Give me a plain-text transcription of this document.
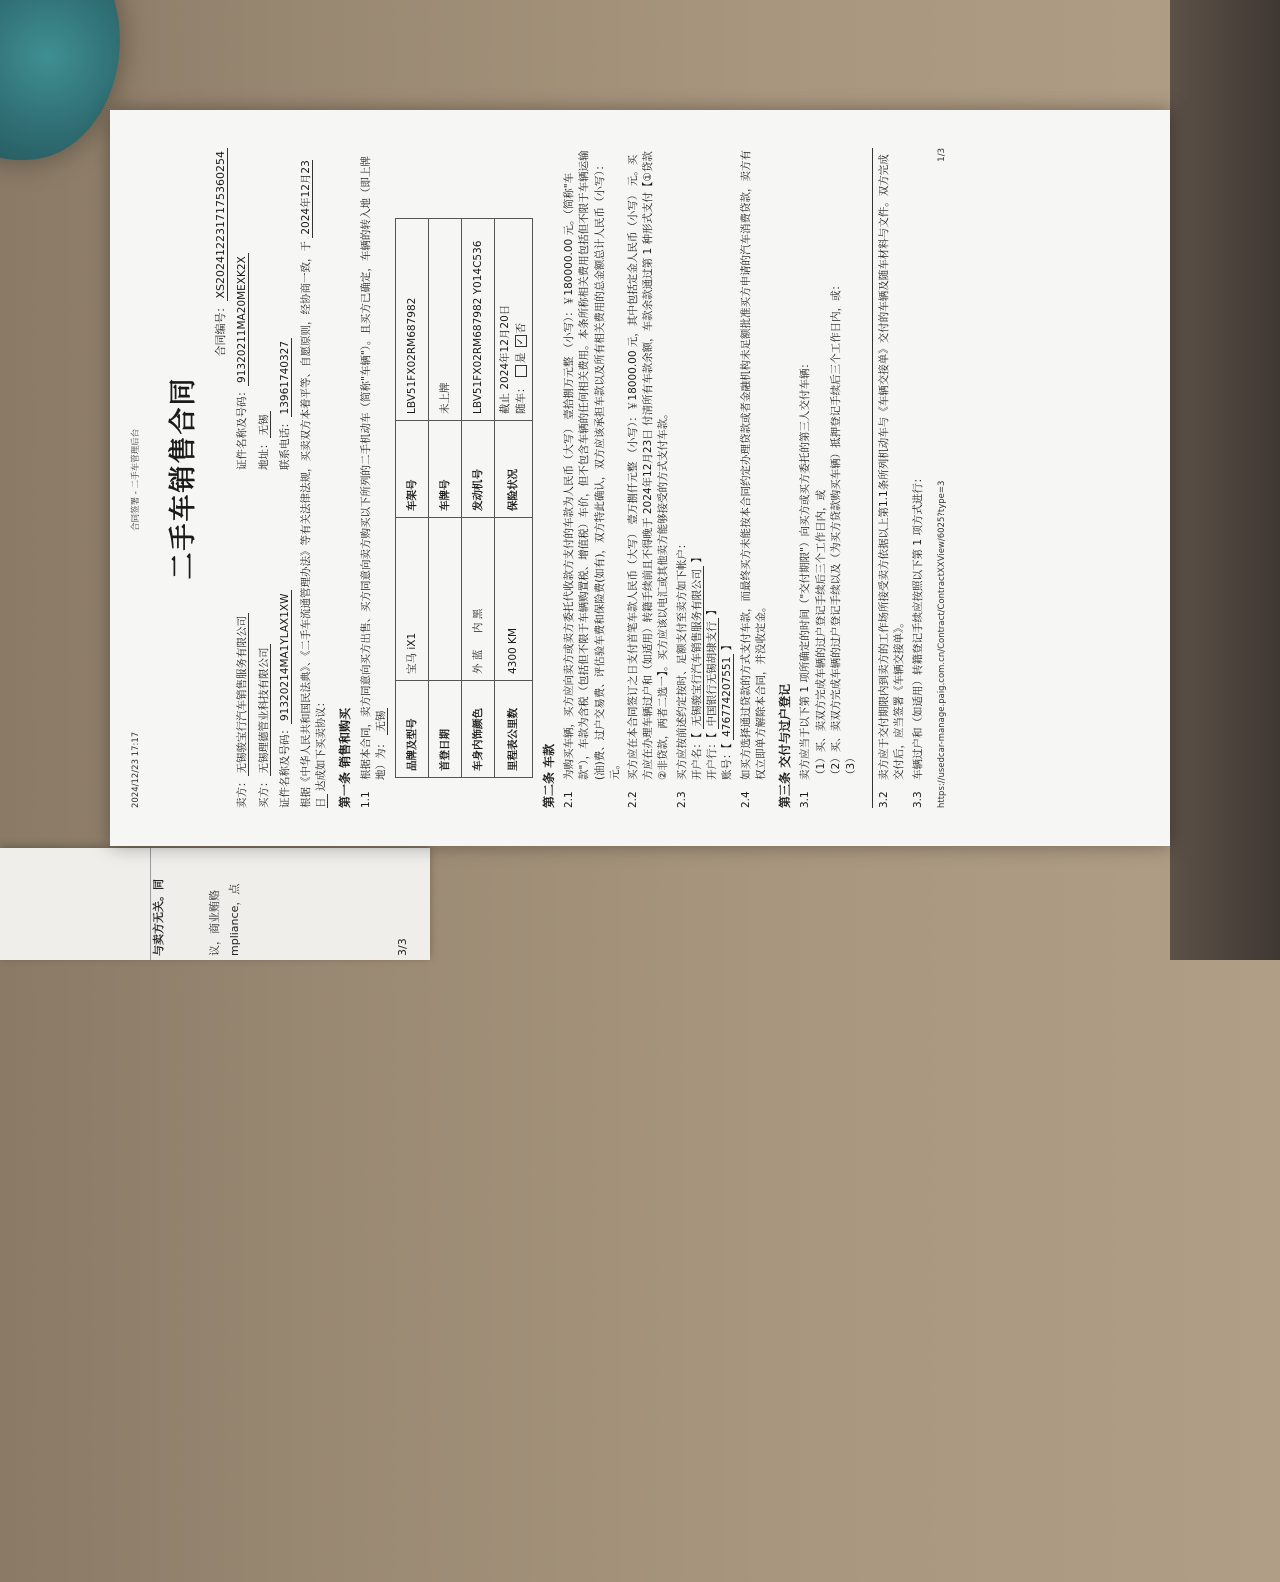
议，商业贿赂 mpliance，点
与卖方无关。同	3/3
2024/12/23 17:17
合同签署 - 二手车管理后台 二手车销售合同
合同编号：XS2024122317175360254
卖方：无锡骏宝行汽车销售服务有限公司
证件名称及号码：91320211MA20MEXK2X
买方：无锡理德管业科技有限公司
地址：无锡
证件名称及号码：91320214MA1YLAX1XW
联系电话：13961740327 根据《中华人民共和国民法典》、《二手车流通管理办法》等有关法律法规，买卖双方本着平等、自愿原则，经协商一致，于 2024年12月23日 达成如下买卖协议： 第一条 销售和购买 1.1
根据本合同，卖方同意向买方出售、买方同意向卖方购买以下所列的二手机动车（简称"车辆"）。且买方已确定，车辆的转入地（即上牌地）为： 无锡 品牌及型号	宝马 iX1	车架号	LBV51FX02RM687982
首登日期		车牌号	未上牌
车身内饰颜色	外 蓝     内 黑	发动机号	LBV51FX02RM687982 Y014C536
里程表公里数	4300 KM	保险状况	截止 2024年12月20日 随车： 是 ✓否
第二条 车款 2.1
为购买车辆，买方应向卖方或卖方委托代收款方支付的车款为人民币（大写） 壹拾捌万元整 （小写）：￥180000.00 元。（简称"车款"），车款为含税（包括但不限于车辆购置税、增值税）车价，但不包含车辆的任何相关费用。本条所称相关费用包括但不限于车辆运输(油)费、过户交易费、评估验车费和保险费(如有)，双方特此确认，双方应该承担车款以及所有相关费用的总金额总计人民币（小写）： 元。
2.2
买方应在本合同签订之日支付首笔车款人民币（大写） 壹万捌仟元整 （小写）：￥18000.00 元，其中包括定金人民币（小写） 元。买方应在办理车辆过户和（如适用）转籍手续前且不得晚于 2024年12月23日 付清所有车款余额，车款余款通过第 1 种形式支付【①贷款②非贷款，两者二选一】。买方应该以电汇或其他卖方能够接受的方式支付车款。
2.3
买方应按前述约定按时、足额支付至卖方如下帐户： 开户名：【 无锡骏宝行汽车销售服务有限公司 】
开户行：【 中国银行无锡胡埭支行 】
账号：【 476774207551 】
2.4
如买方选择通过贷款的方式支付车款，而最终买方未能按本合同约定办理贷款或者金融机构未足额批准买方申请的汽车消费贷款，卖方有权立即单方解除本合同，并没收定金。 第三条 交付与过户登记 3.1
卖方应当于以下第 1 项所确定的时间（"交付期限"）向买方或买方委托的第三人交付车辆： （1）买、卖双方完成车辆的过户登记手续后三个工作日内，或 （2）买、卖双方完成车辆的过户登记手续以及（为买方贷款购买车辆）抵押登记手续后三个工作日内，或： （3）
3.2
卖方应于交付期限内到卖方的工作场所接受卖方依据以上第1.1条所列机动车与《车辆交接单》交付的车辆及随车材料与文件。双方完成交付后，应当签署《车辆交接单》。
3.3
车辆过户和（如适用）转籍登记手续应按照以下第 1 项方式进行： https://usedcar-manage.paig.com.cn/Contract/ContractXXView/6025?type=3
1/3
